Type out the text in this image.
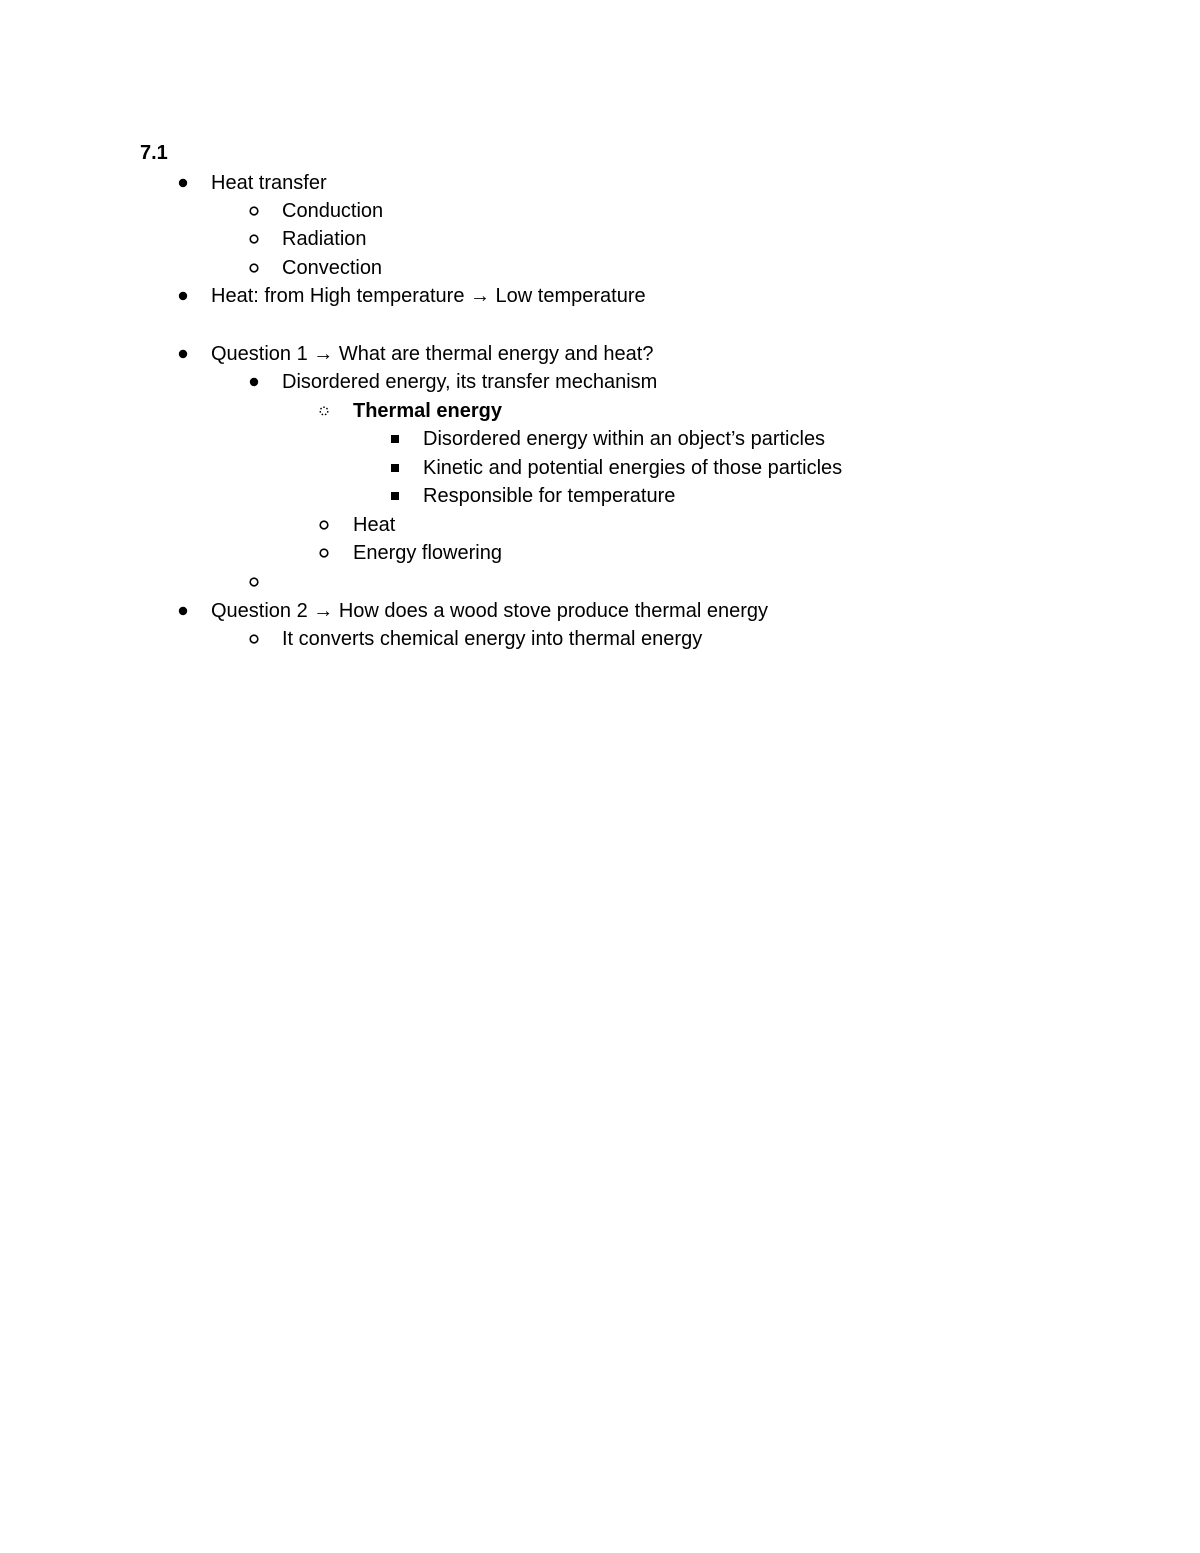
7.1
Heat transfer
Conduction
Radiation
Convection
Heat: from High temperature → Low temperature
Question 1 → What are thermal energy and heat?
Disordered energy, its transfer mechanism
Thermal energy
Disordered energy within an object’s particles
Kinetic and potential energies of those particles
Responsible for temperature
Heat
Energy flowering
Question 2 → How does a wood stove produce thermal energy
It converts chemical energy into thermal energy
